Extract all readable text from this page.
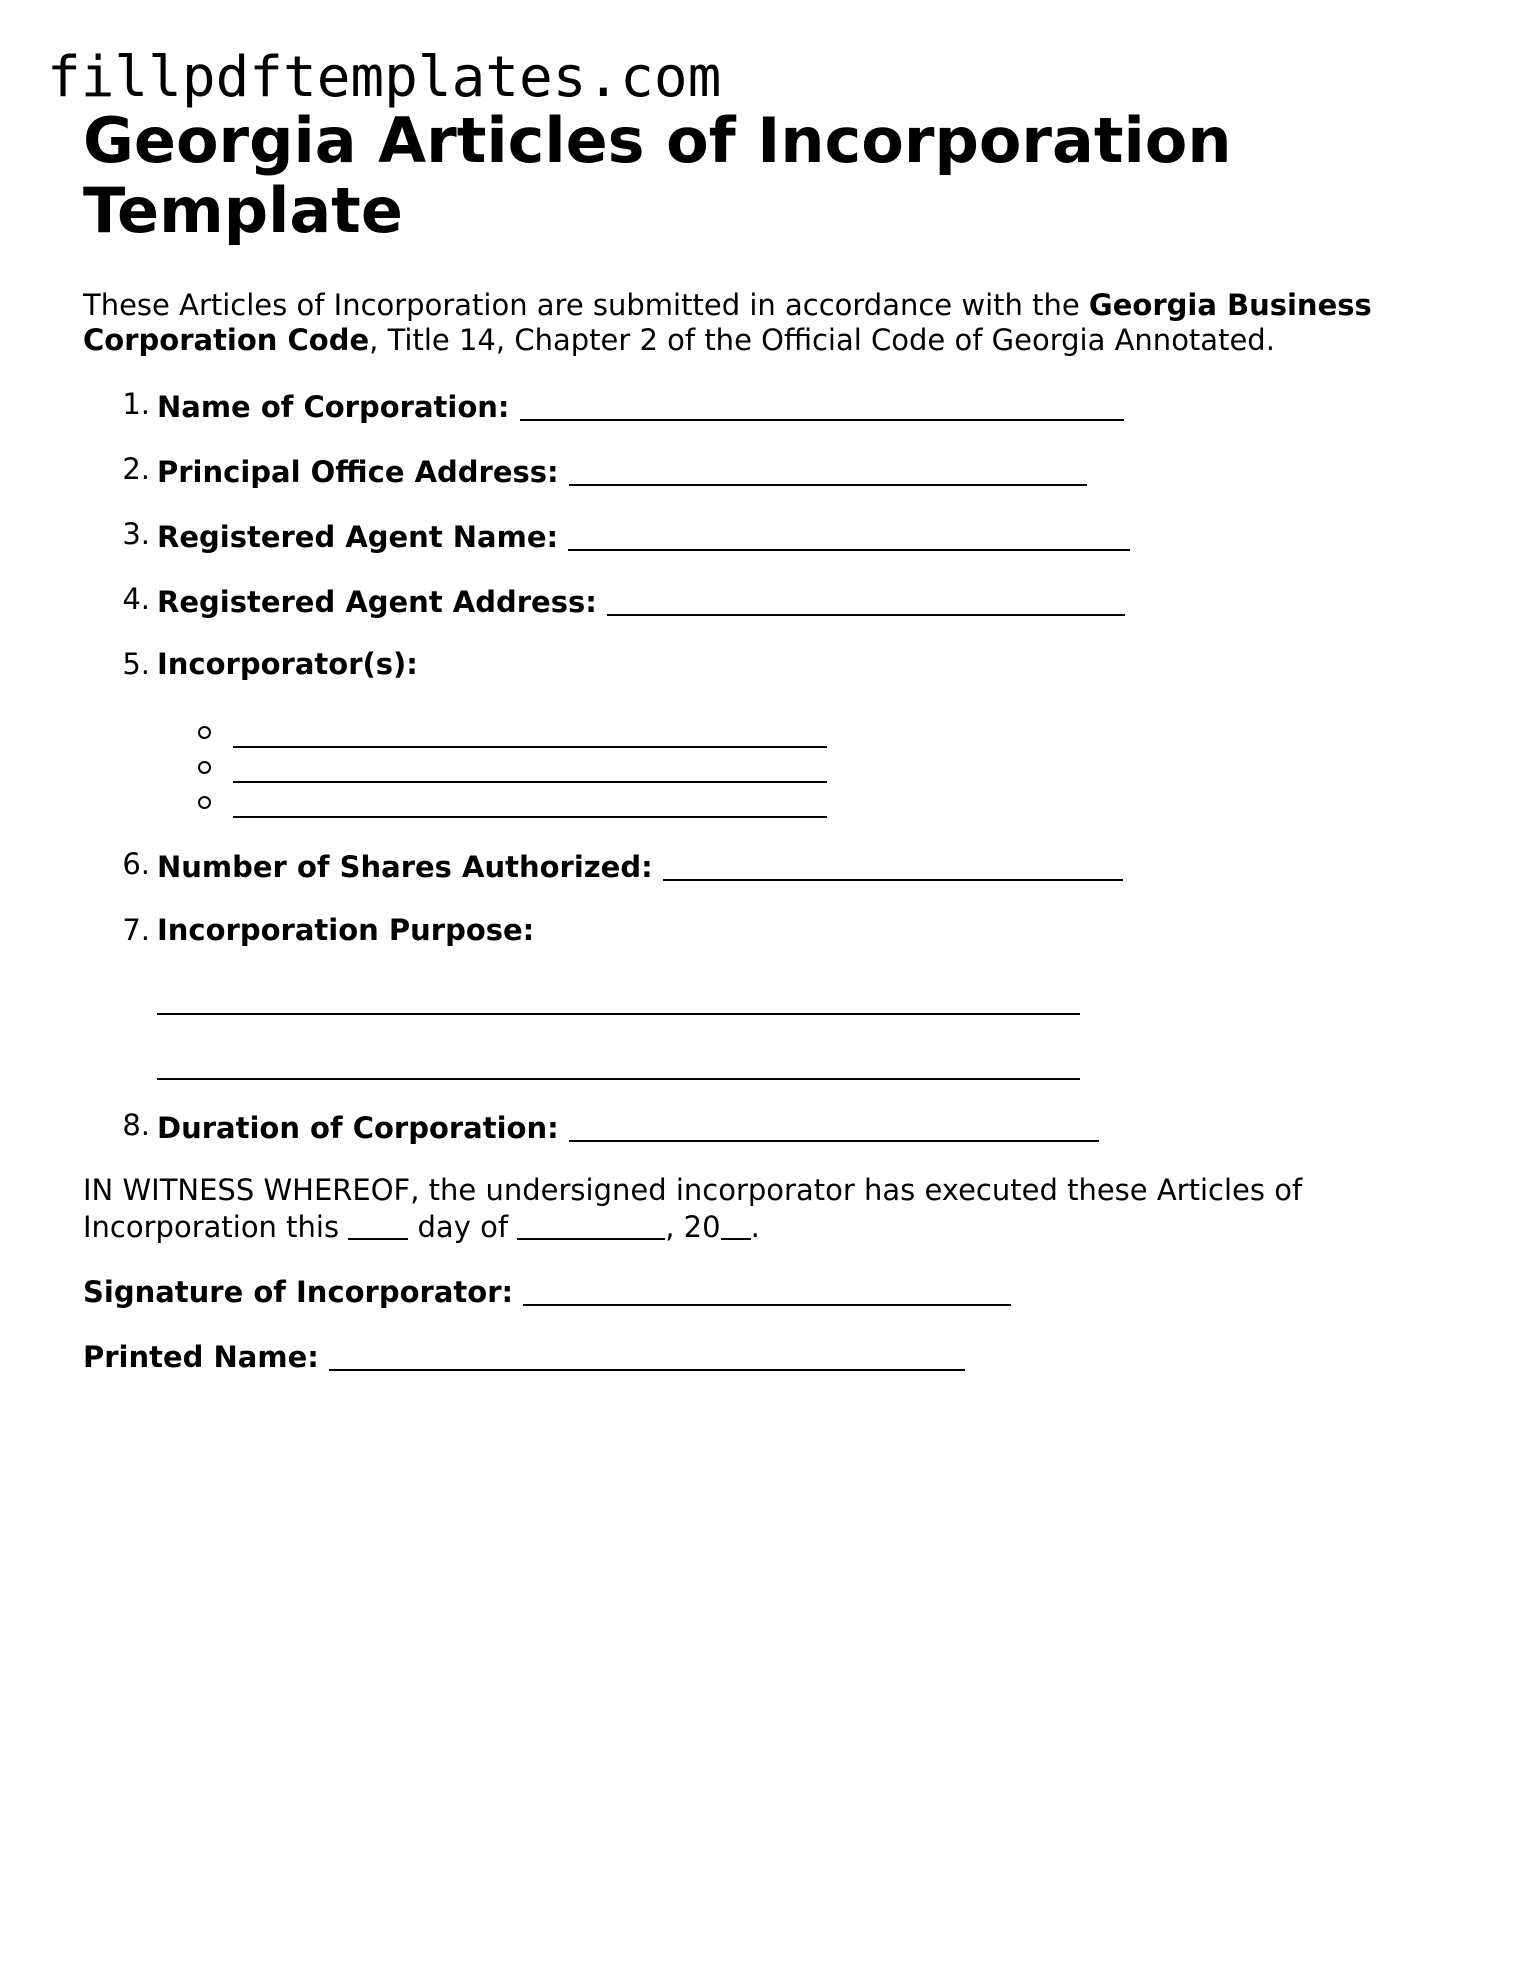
fillpdftemplates.com
Georgia Articles of Incorporation Template

These Articles of Incorporation are submitted in accordance with the Georgia Business Corporation Code, Title 14, Chapter 2 of the Official Code of Georgia Annotated.

1. Name of Corporation:
2. Principal Office Address:
3. Registered Agent Name:
4. Registered Agent Address:
5. Incorporator(s):
6. Number of Shares Authorized:
7. Incorporation Purpose:
8. Duration of Corporation:

IN WITNESS WHEREOF, the undersigned incorporator has executed these Articles of Incorporation this  day of	, 20 .

Signature of Incorporator:
Printed Name:
